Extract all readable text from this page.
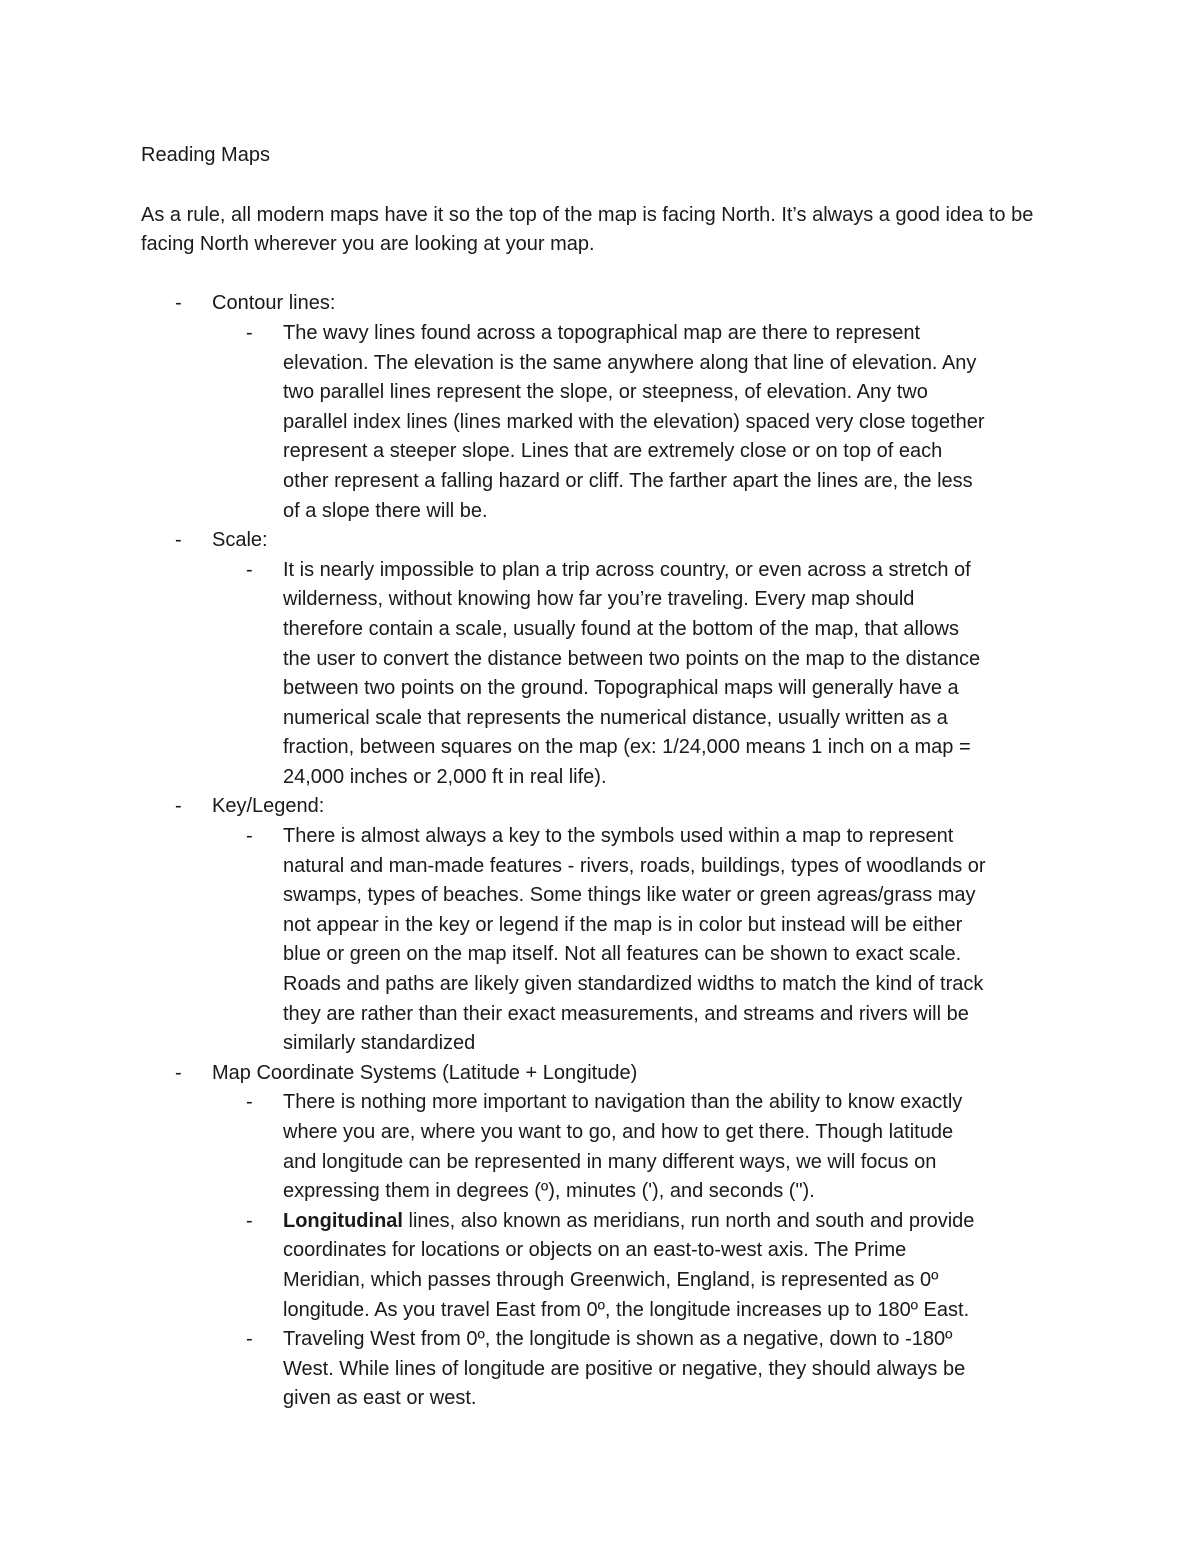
Reading Maps

As a rule, all modern maps have it so the top of the map is facing North. It’s always a good idea to be facing North wherever you are looking at your map.

- Contour lines:
- The wavy lines found across a topographical map are there to represent elevation. The elevation is the same anywhere along that line of elevation. Any two parallel lines represent the slope, or steepness, of elevation. Any two parallel index lines (lines marked with the elevation) spaced very close together represent a steeper slope. Lines that are extremely close or on top of each other represent a falling hazard or cliff. The farther apart the lines are, the less of a slope there will be.
- Scale:
- It is nearly impossible to plan a trip across country, or even across a stretch of wilderness, without knowing how far you’re traveling. Every map should therefore contain a scale, usually found at the bottom of the map, that allows the user to convert the distance between two points on the map to the distance between two points on the ground. Topographical maps will generally have a numerical scale that represents the numerical distance, usually written as a fraction, between squares on the map (ex: 1/24,000 means 1 inch on a map = 24,000 inches or 2,000 ft in real life).
- Key/Legend:
- There is almost always a key to the symbols used within a map to represent natural and man-made features - rivers, roads, buildings, types of woodlands or swamps, types of beaches. Some things like water or green agreas/grass may not appear in the key or legend if the map is in color but instead will be either blue or green on the map itself. Not all features can be shown to exact scale. Roads and paths are likely given standardized widths to match the kind of track they are rather than their exact measurements, and streams and rivers will be similarly standardized
- Map Coordinate Systems (Latitude + Longitude)
- There is nothing more important to navigation than the ability to know exactly where you are, where you want to go, and how to get there. Though latitude and longitude can be represented in many different ways, we will focus on expressing them in degrees (º), minutes ('), and seconds (").
- Longitudinal lines, also known as meridians, run north and south and provide coordinates for locations or objects on an east-to-west axis. The Prime Meridian, which passes through Greenwich, England, is represented as 0º longitude. As you travel East from 0º, the longitude increases up to 180º East.
- Traveling West from 0º, the longitude is shown as a negative, down to -180º West. While lines of longitude are positive or negative, they should always be given as east or west.
